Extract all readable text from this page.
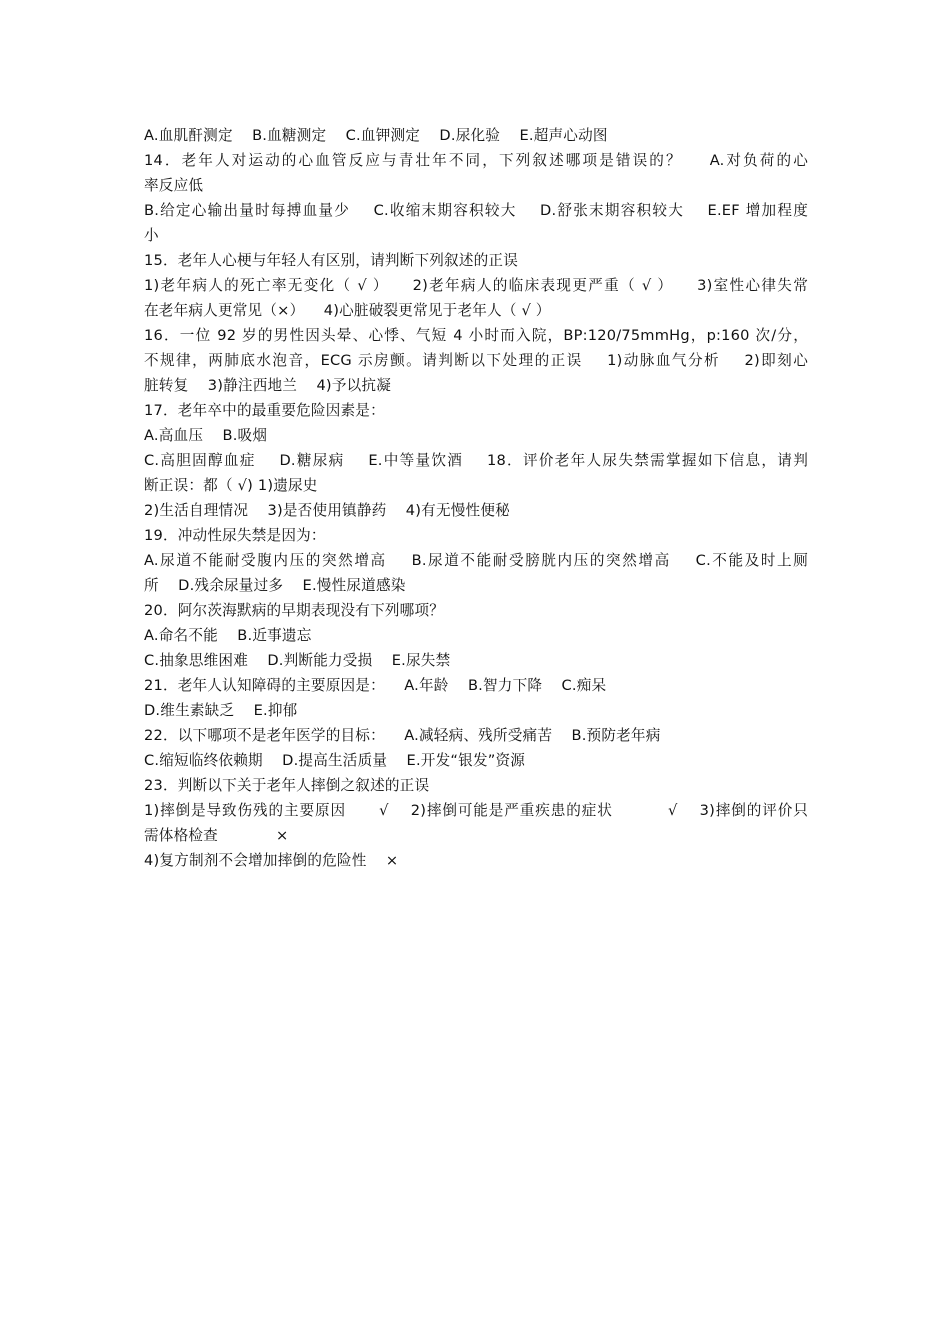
A.血肌酐测定    B.血糖测定    C.血钾测定    D.尿化验    E.超声心动图
14．老年人对运动的心血管反应与青壮年不同，下列叙述哪项是错误的？    A.对负荷的心
率反应低
B.给定心输出量时每搏血量少    C.收缩末期容积较大    D.舒张末期容积较大    E.EF 增加程度
小
15．老年人心梗与年轻人有区别，请判断下列叙述的正误
1)老年病人的死亡率无变化（ √ ）    2)老年病人的临床表现更严重（ √ ）    3)室性心律失常
在老年病人更常见（×）    4)心脏破裂更常见于老年人（ √ ）
16．一位 92 岁的男性因头晕、心悸、气短 4 小时而入院，BP:120/75mmHg，p:160 次/分，
不规律，两肺底水泡音，ECG 示房颤。请判断以下处理的正误    1)动脉血气分析    2)即刻心
脏转复    3)静注西地兰    4)予以抗凝
17．老年卒中的最重要危险因素是：
A.高血压    B.吸烟
C.高胆固醇血症    D.糖尿病    E.中等量饮酒    18．评价老年人尿失禁需掌握如下信息，请判
断正误：都（ √) 1)遗尿史
2)生活自理情况    3)是否使用镇静药    4)有无慢性便秘
19．冲动性尿失禁是因为：
A.尿道不能耐受腹内压的突然增高    B.尿道不能耐受膀胱内压的突然增高    C.不能及时上厕
所    D.残余尿量过多    E.慢性尿道感染
20．阿尔茨海默病的早期表现没有下列哪项？
A.命名不能    B.近事遗忘
C.抽象思维困难    D.判断能力受损    E.尿失禁
21．老年人认知障碍的主要原因是：    A.年龄    B.智力下降    C.痴呆
D.维生素缺乏    E.抑郁
22．以下哪项不是老年医学的目标：    A.减轻病、残所受痛苦    B.预防老年病
C.缩短临终依赖期    D.提高生活质量    E.开发“银发”资源
23．判断以下关于老年人摔倒之叙述的正误
1)摔倒是导致伤残的主要原因      √    2)摔倒可能是严重疾患的症状          √    3)摔倒的评价只
需体格检查            ×
4)复方制剂不会增加摔倒的危险性    ×
